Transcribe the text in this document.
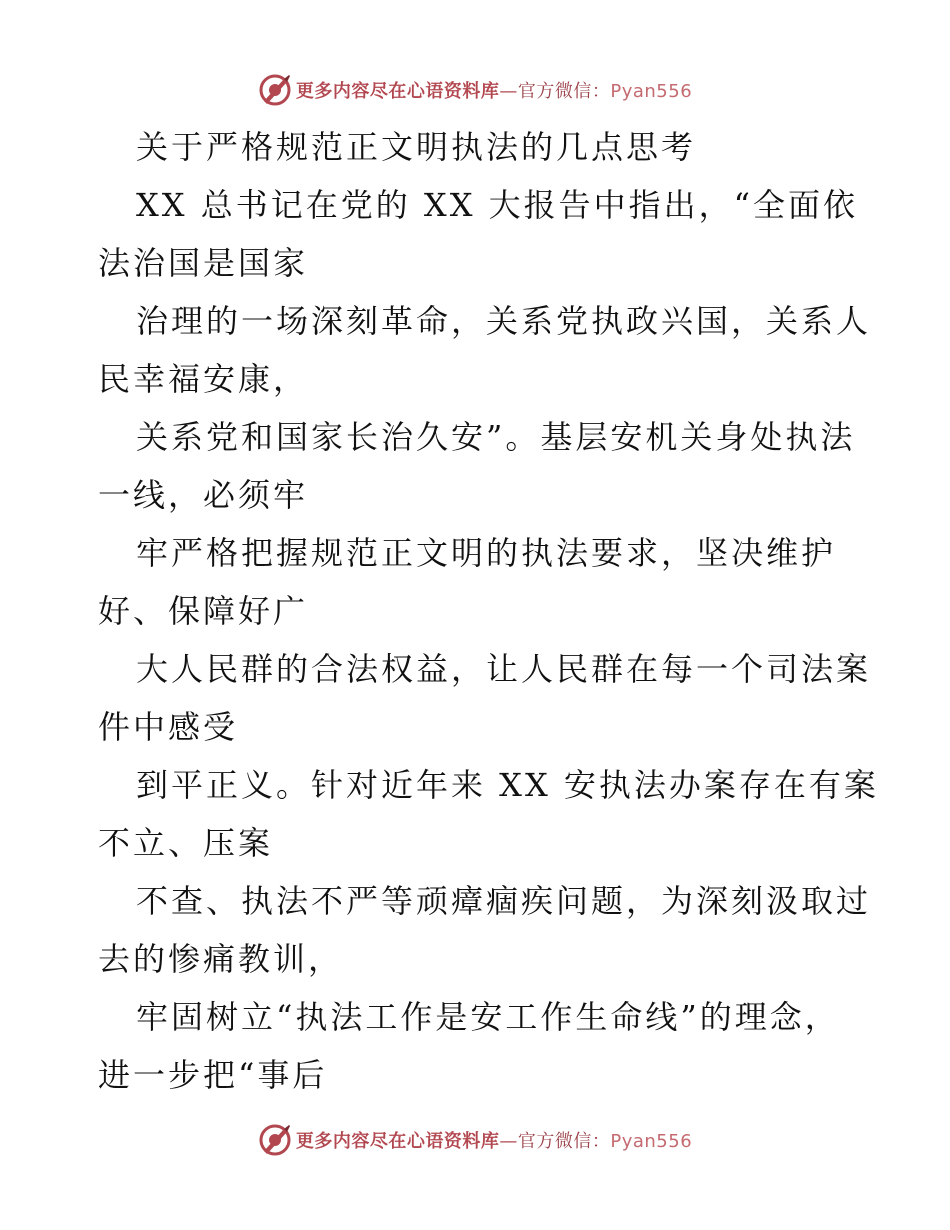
更多内容尽在心语资料库—官方微信：Pyan556
关于严格规范正文明执法的几点思考
XX 总书记在党的 XX 大报告中指出，“全面依
法治国是国家
治理的一场深刻革命，关系党执政兴国，关系人
民幸福安康，
关系党和国家长治久安”。基层安机关身处执法
一线，必须牢
牢严格把握规范正文明的执法要求，坚决维护
好、保障好广
大人民群的合法权益，让人民群在每一个司法案
件中感受
到平正义。针对近年来 XX 安执法办案存在有案
不立、压案
不查、执法不严等顽瘴痼疾问题，为深刻汲取过
去的惨痛教训，
牢固树立“执法工作是安工作生命线”的理念，
进一步把“事后
更多内容尽在心语资料库—官方微信：Pyan556
